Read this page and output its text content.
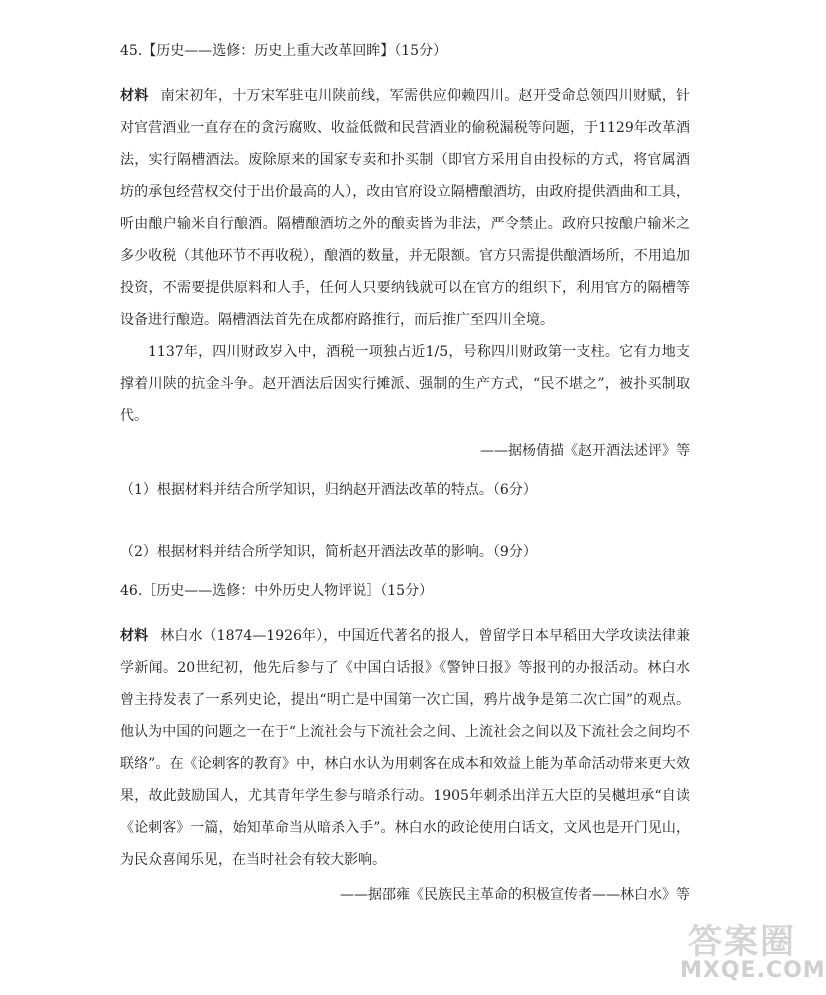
45.【历史——选修：历史上重大改革回眸】（15分）

材料 南宋初年，十万宋军驻屯川陕前线，军需供应仰赖四川。赵开受命总领四川财赋，针对官营酒业一直存在的贪污腐败、收益低微和民营酒业的偷税漏税等问题，于1129年改革酒法，实行隔槽酒法。废除原来的国家专卖和扑买制（即官方采用自由投标的方式，将官属酒坊的承包经营权交付于出价最高的人），改由官府设立隔槽酿酒坊，由政府提供酒曲和工具，听由酿户输米自行酿酒。隔槽酿酒坊之外的酿卖皆为非法，严令禁止。政府只按酿户输米之多少收税（其他环节不再收税），酿酒的数量，并无限额。官方只需提供酿酒场所，不用追加投资，不需要提供原料和人手，任何人只要纳钱就可以在官方的组织下，利用官方的隔槽等设备进行酿造。隔槽酒法首先在成都府路推行，而后推广至四川全境。

1137年，四川财政岁入中，酒税一项独占近1/5，号称四川财政第一支柱。它有力地支撑着川陕的抗金斗争。赵开酒法后因实行摊派、强制的生产方式，“民不堪之”，被扑买制取代。

——据杨倩描《赵开酒法述评》等

（1）根据材料并结合所学知识，归纳赵开酒法改革的特点。（6分）

（2）根据材料并结合所学知识，简析赵开酒法改革的影响。（9分）

46.［历史——选修：中外历史人物评说］（15分）

材料 林白水（1874—1926年），中国近代著名的报人，曾留学日本早稻田大学攻读法律兼学新闻。20世纪初，他先后参与了《中国白话报》《警钟日报》等报刊的办报活动。林白水曾主持发表了一系列史论，提出“明亡是中国第一次亡国，鸦片战争是第二次亡国”的观点。他认为中国的问题之一在于“上流社会与下流社会之间、上流社会之间以及下流社会之间均不联络”。在《论刺客的教育》中，林白水认为用刺客在成本和效益上能为革命活动带来更大效果，故此鼓励国人，尤其青年学生参与暗杀行动。1905年刺杀出洋五大臣的吴樾坦承“自读《论刺客》一篇，始知革命当从暗杀入手”。林白水的政论使用白话文，文风也是开门见山，为民众喜闻乐见，在当时社会有较大影响。

——据邵雍《民族民主革命的积极宣传者——林白水》等

答案圈
MXQE.COM
